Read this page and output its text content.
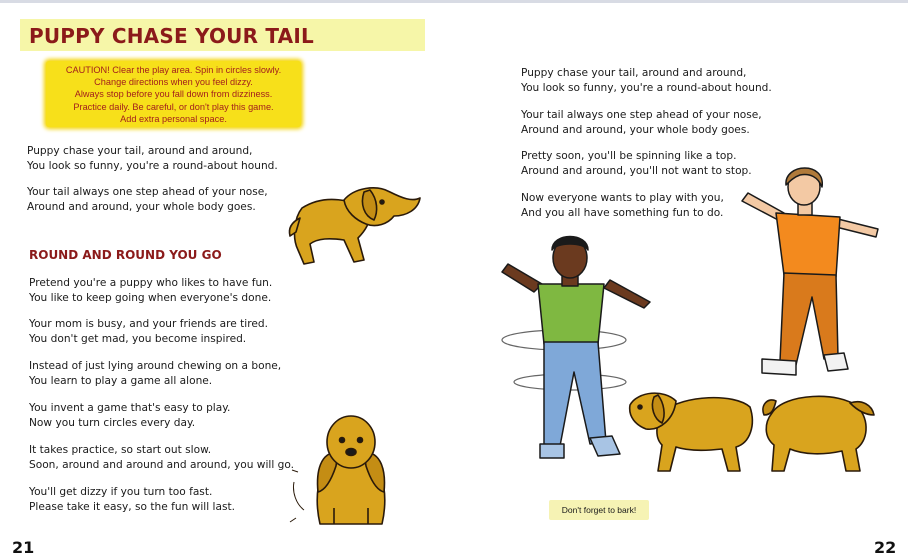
PUPPY CHASE YOUR TAIL

CAUTION! Clear the play area. Spin in circles slowly.

Change directions when you feel dizzy.

Always stop before you fall down from dizziness.

Practice daily. Be careful, or don't play this game.

Add extra personal space.

Puppy chase your tail, around and around,

You look so funny, you're a round-about hound.

Your tail always one step ahead of your nose,

Around and around, your whole body goes.

ROUND AND ROUND YOU GO

Pretend you're a puppy who likes to have fun.

You like to keep going when everyone's done.

Your mom is busy, and your friends are tired.

You don't get mad, you become inspired.

Instead of just lying around chewing on a bone,

You learn to play a game all alone.

You invent a game that's easy to play.

Now you turn circles every day.

It takes practice, so start out slow.

Soon, around and around and around, you will go.

You'll get dizzy if you turn too fast.

Please take it easy, so the fun will last.

21

Puppy chase your tail, around and around,

You look so funny, you're a round-about hound.

Your tail always one step ahead of your nose,

Around and around, your whole body goes.

Pretty soon, you'll be spinning like a top.

Around and around, you'll not want to stop.

Now everyone wants to play with you,

And you all have something fun to do.

22
Don't forget to bark!
